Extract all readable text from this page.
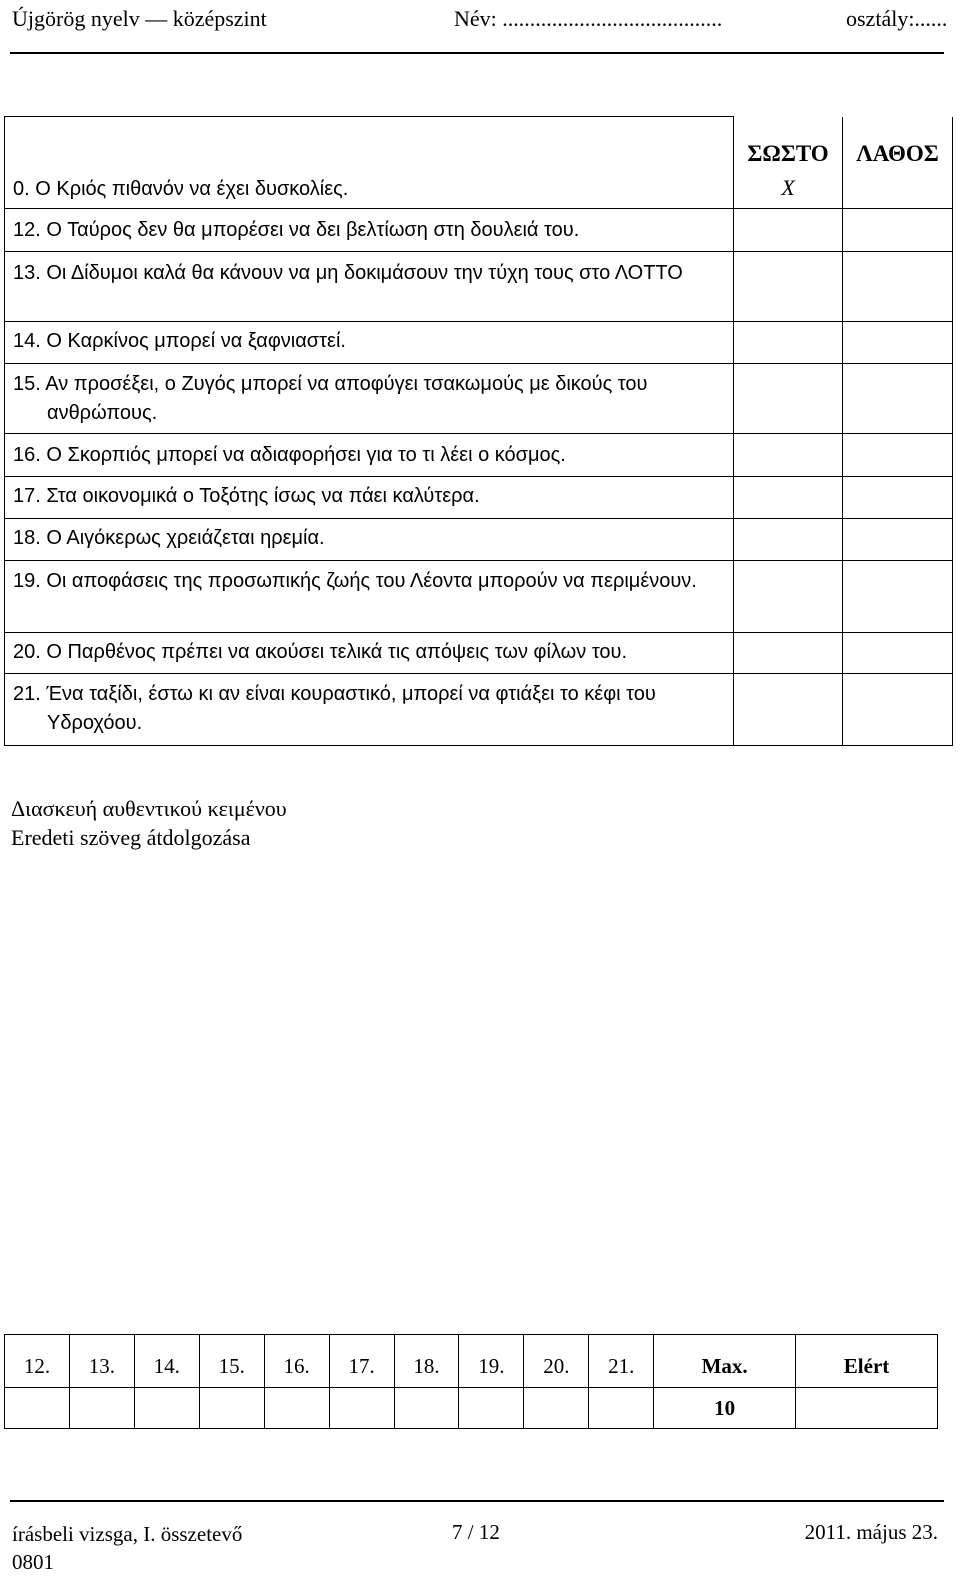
Újgörög nyelv — középszint	Név: ........................................	osztály:......
	ΣΩΣΤΟ	ΛΑΘΟΣ

0. Ο Κριός πιθανόν να έχει δυσκολίες.	X	

12. Ο Ταύρος δεν θα μπορέσει να δει βελτίωση στη δουλειά του.		

13. Οι Δίδυμοι καλά θα κάνουν να μη δοκιμάσουν την τύχη τους στο ΛΟΤΤΟ		

14. Ο Καρκίνος μπορεί να ξαφνιαστεί.		

15. Αν προσέξει, ο Ζυγός μπορεί να αποφύγει τσακωμούς με δικούς του ανθρώπους.		

16. Ο Σκορπιός μπορεί να αδιαφορήσει για το τι λέει ο κόσμος.		

17. Στα οικονομικά ο Τοξότης ίσως να πάει καλύτερα.		

18. Ο Αιγόκερως χρειάζεται ηρεμία.		

19. Οι αποφάσεις της προσωπικής ζωής του Λέοντα μπορούν να περιμένουν.		

20. Ο Παρθένος πρέπει να ακούσει τελικά τις απόψεις των φίλων του.		

21. Ένα ταξίδι, έστω κι αν είναι κουραστικό, μπορεί να φτιάξει το κέφι του Υδροχόου.		

Διασκευή αυθεντικού κειμένου
Eredeti szöveg átdolgozása
12.	13.	14.	15.	16.	17.	18.	19.	20.	21.	Max.	Elért
										10	
írásbeli vizsga, I. összetevő
0801
7 / 12	2011. május 23.
